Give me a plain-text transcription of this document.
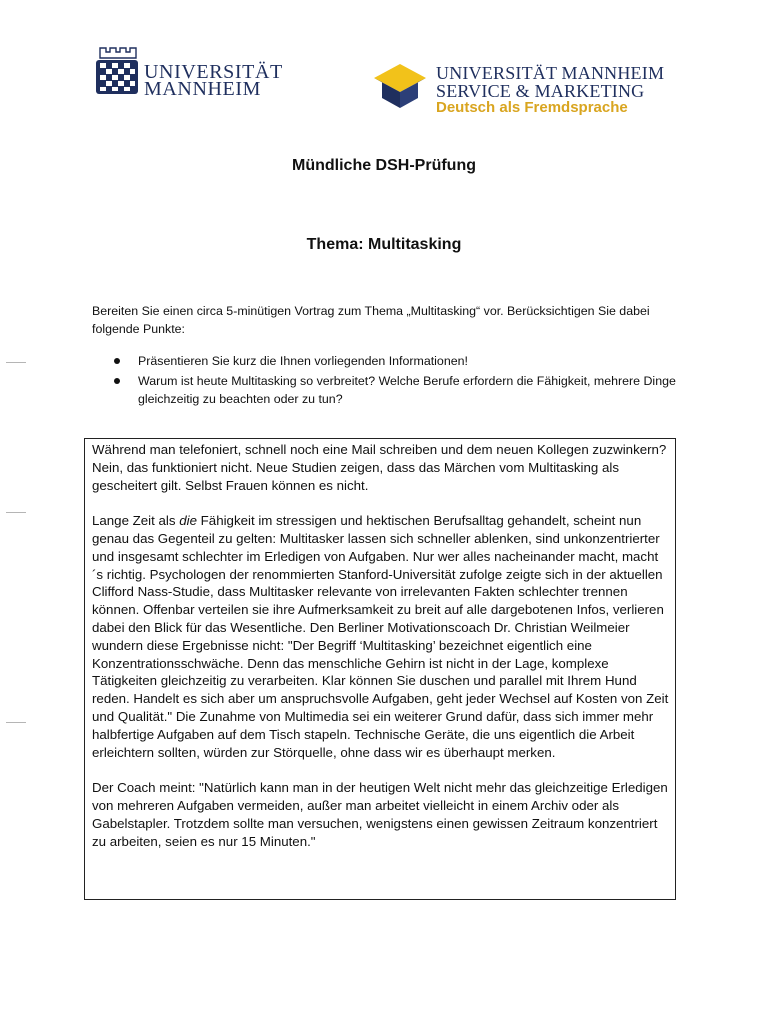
UNIVERSITÄT
MANNHEIM
UNIVERSITÄT MANNHEIM
SERVICE & MARKETING
Deutsch als Fremdsprache
Mündliche DSH-Prüfung
Thema: Multitasking
Bereiten Sie einen circa 5-minütigen Vortrag zum Thema „Multitasking“ vor. Berücksichtigen Sie dabei folgende Punkte:
Präsentieren Sie kurz die Ihnen vorliegenden Informationen!
Warum ist heute Multitasking so verbreitet? Welche Berufe erfordern die Fähigkeit, mehrere Dinge gleichzeitig zu beachten oder zu tun?

Während man telefoniert, schnell noch eine Mail schreiben und dem neuen Kollegen zuzwinkern? Nein, das funktioniert nicht. Neue Studien zeigen, dass das Märchen vom Multitasking als gescheitert gilt. Selbst Frauen können es nicht.

Lange Zeit als die Fähigkeit im stressigen und hektischen Berufsalltag gehandelt, scheint nun genau das Gegenteil zu gelten: Multitasker lassen sich schneller ablenken, sind unkonzentrierter und insgesamt schlechter im Erledigen von Aufgaben. Nur wer alles nacheinander macht, macht´s richtig. Psychologen der renommierten Stanford-Universität zufolge zeigte sich in der aktuellen Clifford Nass-Studie, dass Multitasker relevante von irrelevanten Fakten schlechter trennen können. Offenbar verteilen sie ihre Aufmerksamkeit zu breit auf alle dargebotenen Infos, verlieren dabei den Blick für das Wesentliche. Den Berliner Motivationscoach Dr. Christian Weilmeier wundern diese Ergebnisse nicht: "Der Begriff ‘Multitasking’ bezeichnet eigentlich eine Konzentrationsschwäche. Denn das menschliche Gehirn ist nicht in der Lage, komplexe Tätigkeiten gleichzeitig zu verarbeiten. Klar können Sie duschen und parallel mit Ihrem Hund reden. Handelt es sich aber um anspruchsvolle Aufgaben, geht jeder Wechsel auf Kosten von Zeit und Qualität." Die Zunahme von Multimedia sei ein weiterer Grund dafür, dass sich immer mehr halbfertige Aufgaben auf dem Tisch stapeln. Technische Geräte, die uns eigentlich die Arbeit erleichtern sollten, würden zur Störquelle, ohne dass wir es überhaupt merken.

Der Coach meint: "Natürlich kann man in der heutigen Welt nicht mehr das gleichzeitige Erledigen von mehreren Aufgaben vermeiden, außer man arbeitet vielleicht in einem Archiv oder als Gabelstapler. Trotzdem sollte man versuchen, wenigstens einen gewissen Zeitraum konzentriert zu arbeiten, seien es nur 15 Minuten."
